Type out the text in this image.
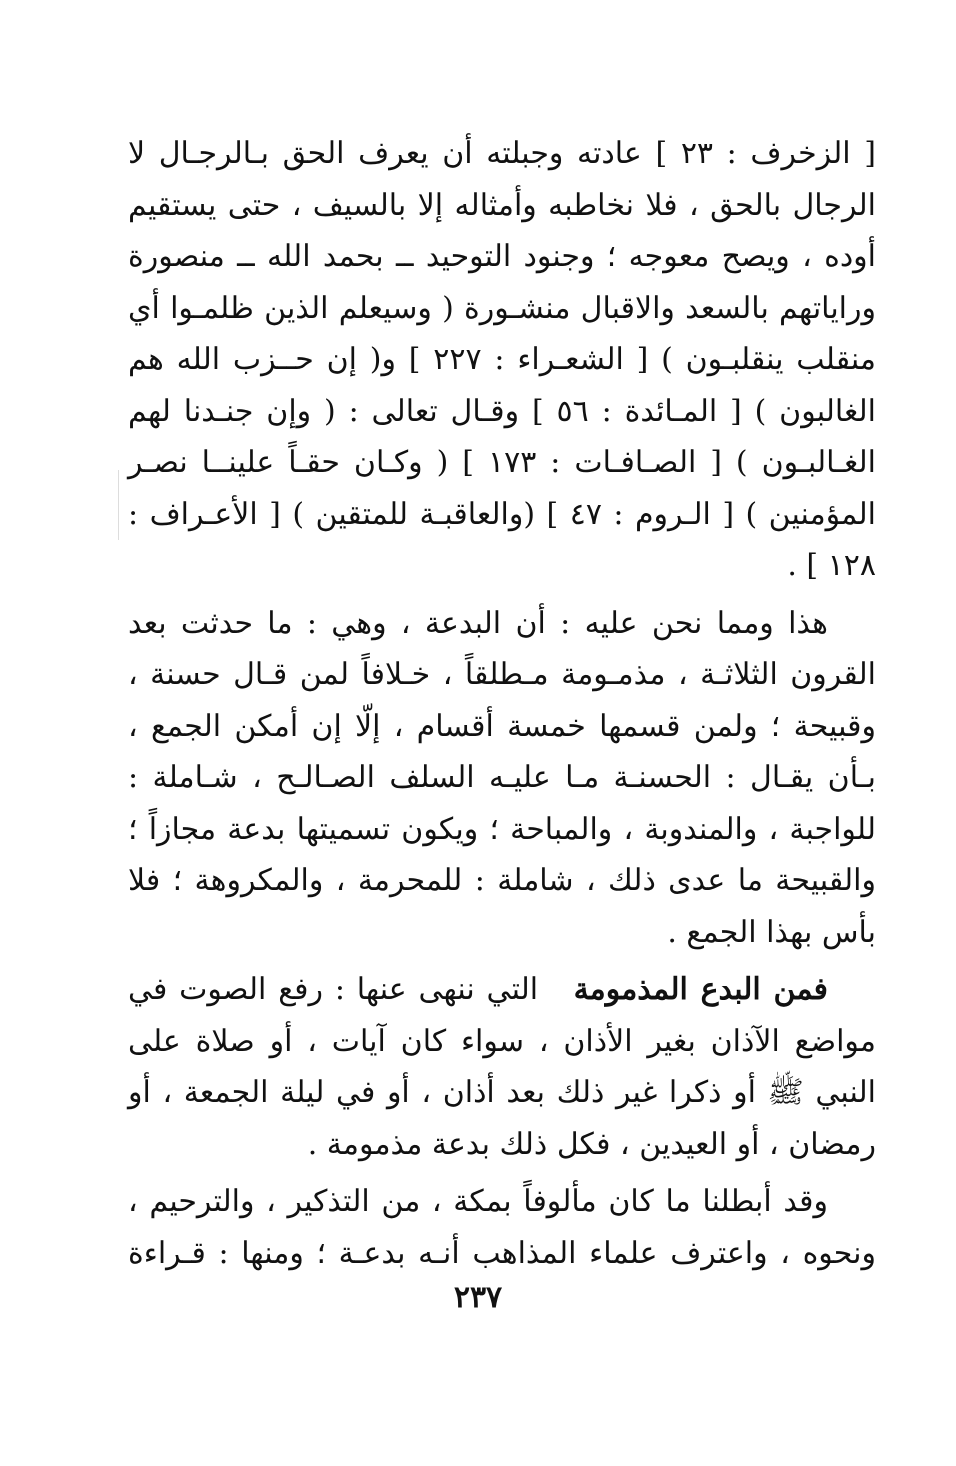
[ الزخرف : ٢٣ ] عادته وجبلته أن يعرف الحق بـالرجـال لا
الرجال بالحق ، فلا نخاطبه وأمثاله إلا بالسيف ، حتى يستقيم
أوده ، ويصح معوجه ؛ وجنود التوحيد ــ بحمد الله ــ منصورة
وراياتهم بالسعد والاقبال منشـورة ( وسيعلم الذين ظلمـوا أي
منقلب ينقلبـون ) [ الشعـراء : ٢٢٧ ] و( إن حــزب الله هم
الغالبون ) [ المـائدة : ٥٦ ] وقـال تعالى : ( وإن جنـدنا لهم
الغـالبـون ) [ الصـافـات : ١٧٣ ] ( وكـان حقـاً علينــا نصـر
المؤمنين ) [ الـروم : ٤٧ ] (والعاقبـة للمتقين ) [ الأعـراف :
١٢٨ ] .
هذا ومما نحن عليه : أن البدعة ، وهي : ما حدثت بعد
القرون الثلاثـة ، مذمـومة مـطلقاً ، خـلافاً لمن قـال حسنة ،
وقبيحة ؛ ولمن قسمها خمسة أقسام ، إلّا إن أمكن الجمع ،
بـأن يقـال : الحسنـة مـا عليـه السلف الصـالـح ، شـاملة :
للواجبة ، والمندوبة ، والمباحة ؛ ويكون تسميتها بدعة مجازاً ؛
والقبيحة ما عدى ذلك ، شاملة : للمحرمة ، والمكروهة ؛ فلا
بأس بهذا الجمع .
فمن البدع المذمومة   التي ننهى عنها : رفع الصوت في
مواضع الآذان بغير الأذان ، سواء كان آيات ، أو صلاة على
النبي ﷺ أو ذكرا غير ذلك بعد أذان ، أو في ليلة الجمعة ، أو
رمضان ، أو العيدين ، فكل ذلك بدعة مذمومة .
وقد أبطلنا ما كان مألوفاً بمكة ، من التذكير ، والترحيم ،
ونحوه ، واعترف علماء المذاهب أنـه بدعـة ؛ ومنها : قـراءة
٢٣٧
